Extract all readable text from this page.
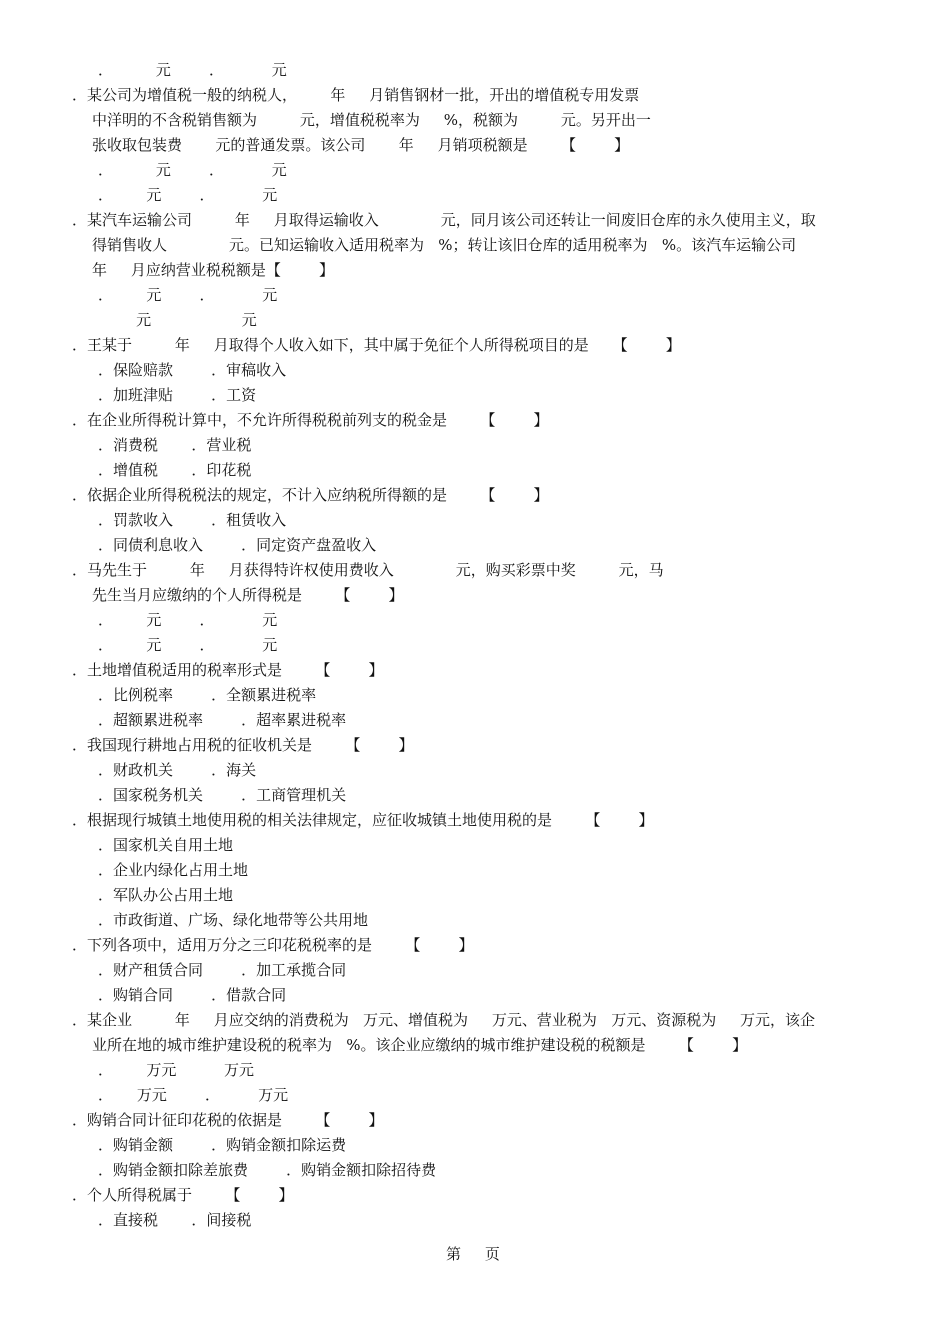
．         元        ．          元
．某公司为增值税一般的纳税人，       年     月销售钢材一批，开出的增值税专用发票
中洋明的不含税销售额为         元，增值税税率为     %，税额为         元。另开出一
张收取包装费       元的普通发票。该公司       年     月销项税额是       【        】
．         元        ．          元
．       元        ．          元
．某汽车运输公司         年     月取得运输收入             元，同月该公司还转让一间废旧仓库的永久使用主义，取
得销售收人             元。已知运输收入适用税率为   %；转让该旧仓库的适用税率为   %。该汽车运输公司
年     月应纳营业税税额是【        】
．       元        ．          元
元                   元
．王某于         年     月取得个人收入如下，其中属于免征个人所得税项目的是     【        】
．保险赔款        ．审稿收入
．加班津贴        ．工资
．在企业所得税计算中，不允许所得税税前列支的税金是       【        】
．消费税       ．营业税
．增值税       ．印花税
．依据企业所得税税法的规定，不计入应纳税所得额的是       【        】
．罚款收入        ．租赁收入
．同债利息收入        ．同定资产盘盈收入
．马先生于         年     月获得特许权使用费收入             元，购买彩票中奖         元，马
先生当月应缴纳的个人所得税是       【        】
．       元        ．          元
．       元        ．          元
．土地增值税适用的税率形式是       【        】
．比例税率        ．全额累进税率
．超额累进税率        ．超率累进税率
．我国现行耕地占用税的征收机关是       【        】
．财政机关        ．海关
．国家税务机关        ．工商管理机关
．根据现行城镇土地使用税的相关法律规定，应征收城镇土地使用税的是       【        】
．国家机关自用土地
．企业内绿化占用土地
．军队办公占用土地
．市政街道、广场、绿化地带等公共用地
．下列各项中，适用万分之三印花税税率的是       【        】
．财产租赁合同        ．加工承揽合同
．购销合同        ．借款合同
．某企业         年     月应交纳的消费税为   万元、增值税为     万元、营业税为   万元、资源税为     万元，该企
业所在地的城市维护建设税的税率为   %。该企业应缴纳的城市维护建设税的税额是       【        】
．       万元          万元
．     万元        ．        万元
．购销合同计征印花税的依据是       【        】
．购销金额        ．购销金额扣除运费
．购销金额扣除差旅费        ．购销金额扣除招待费
．个人所得税属于       【        】
．直接税       ．间接税
第     页
